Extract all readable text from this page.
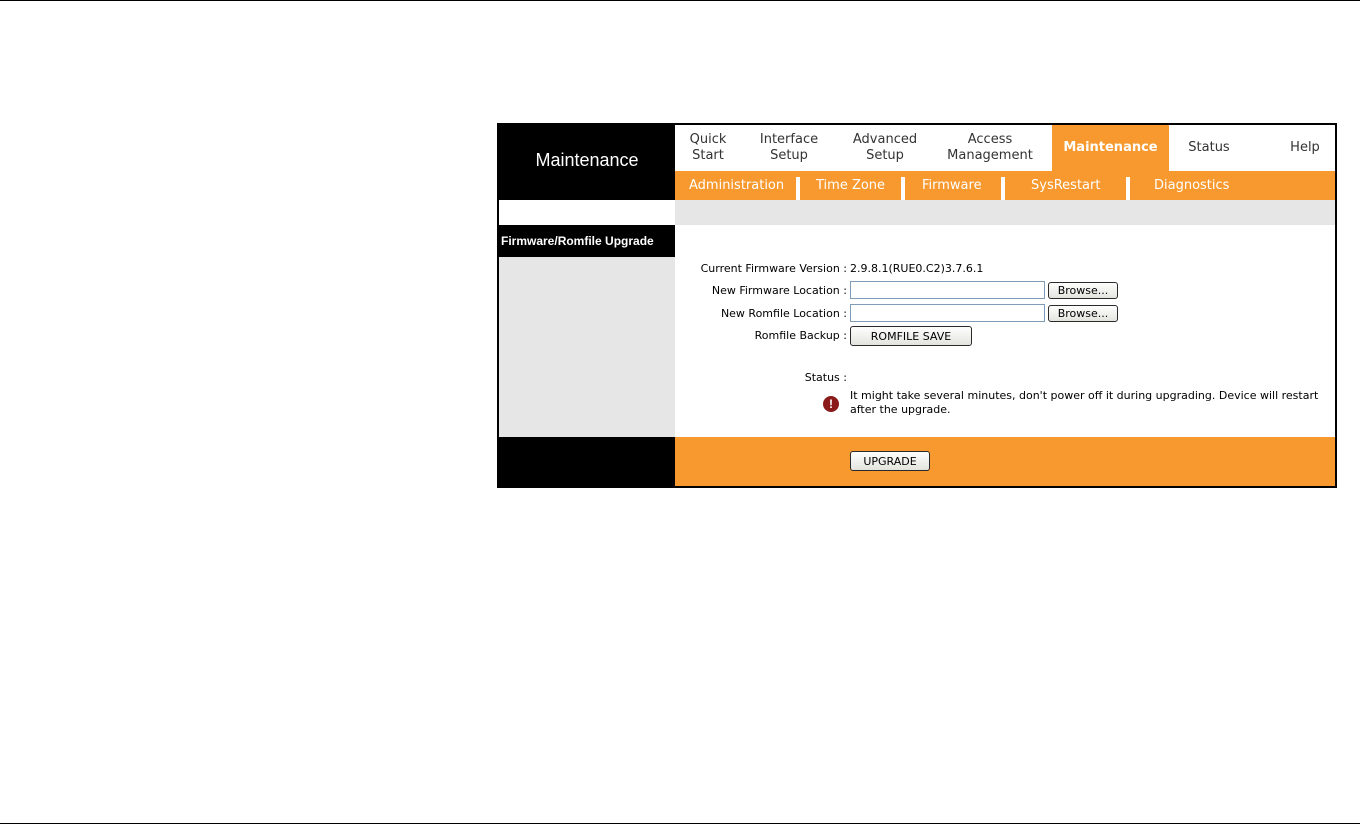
Maintenance
Quick
Start
Interface
Setup
Advanced
Setup
Access
Management
Maintenance Status	Help
Administration Time Zone	Firmware	SysRestart	Diagnostics
Firmware/Romfile Upgrade
Current Firmware Version : 2.9.8.1(RUE0.C2)3.7.6.1
New Firmware Location :	Browse...
New Romfile Location :	Browse...
Romfile Backup :	ROMFILE SAVE
Status :
!
It might take several minutes, don't power off it during upgrading. Device will restart after the upgrade.
UPGRADE
